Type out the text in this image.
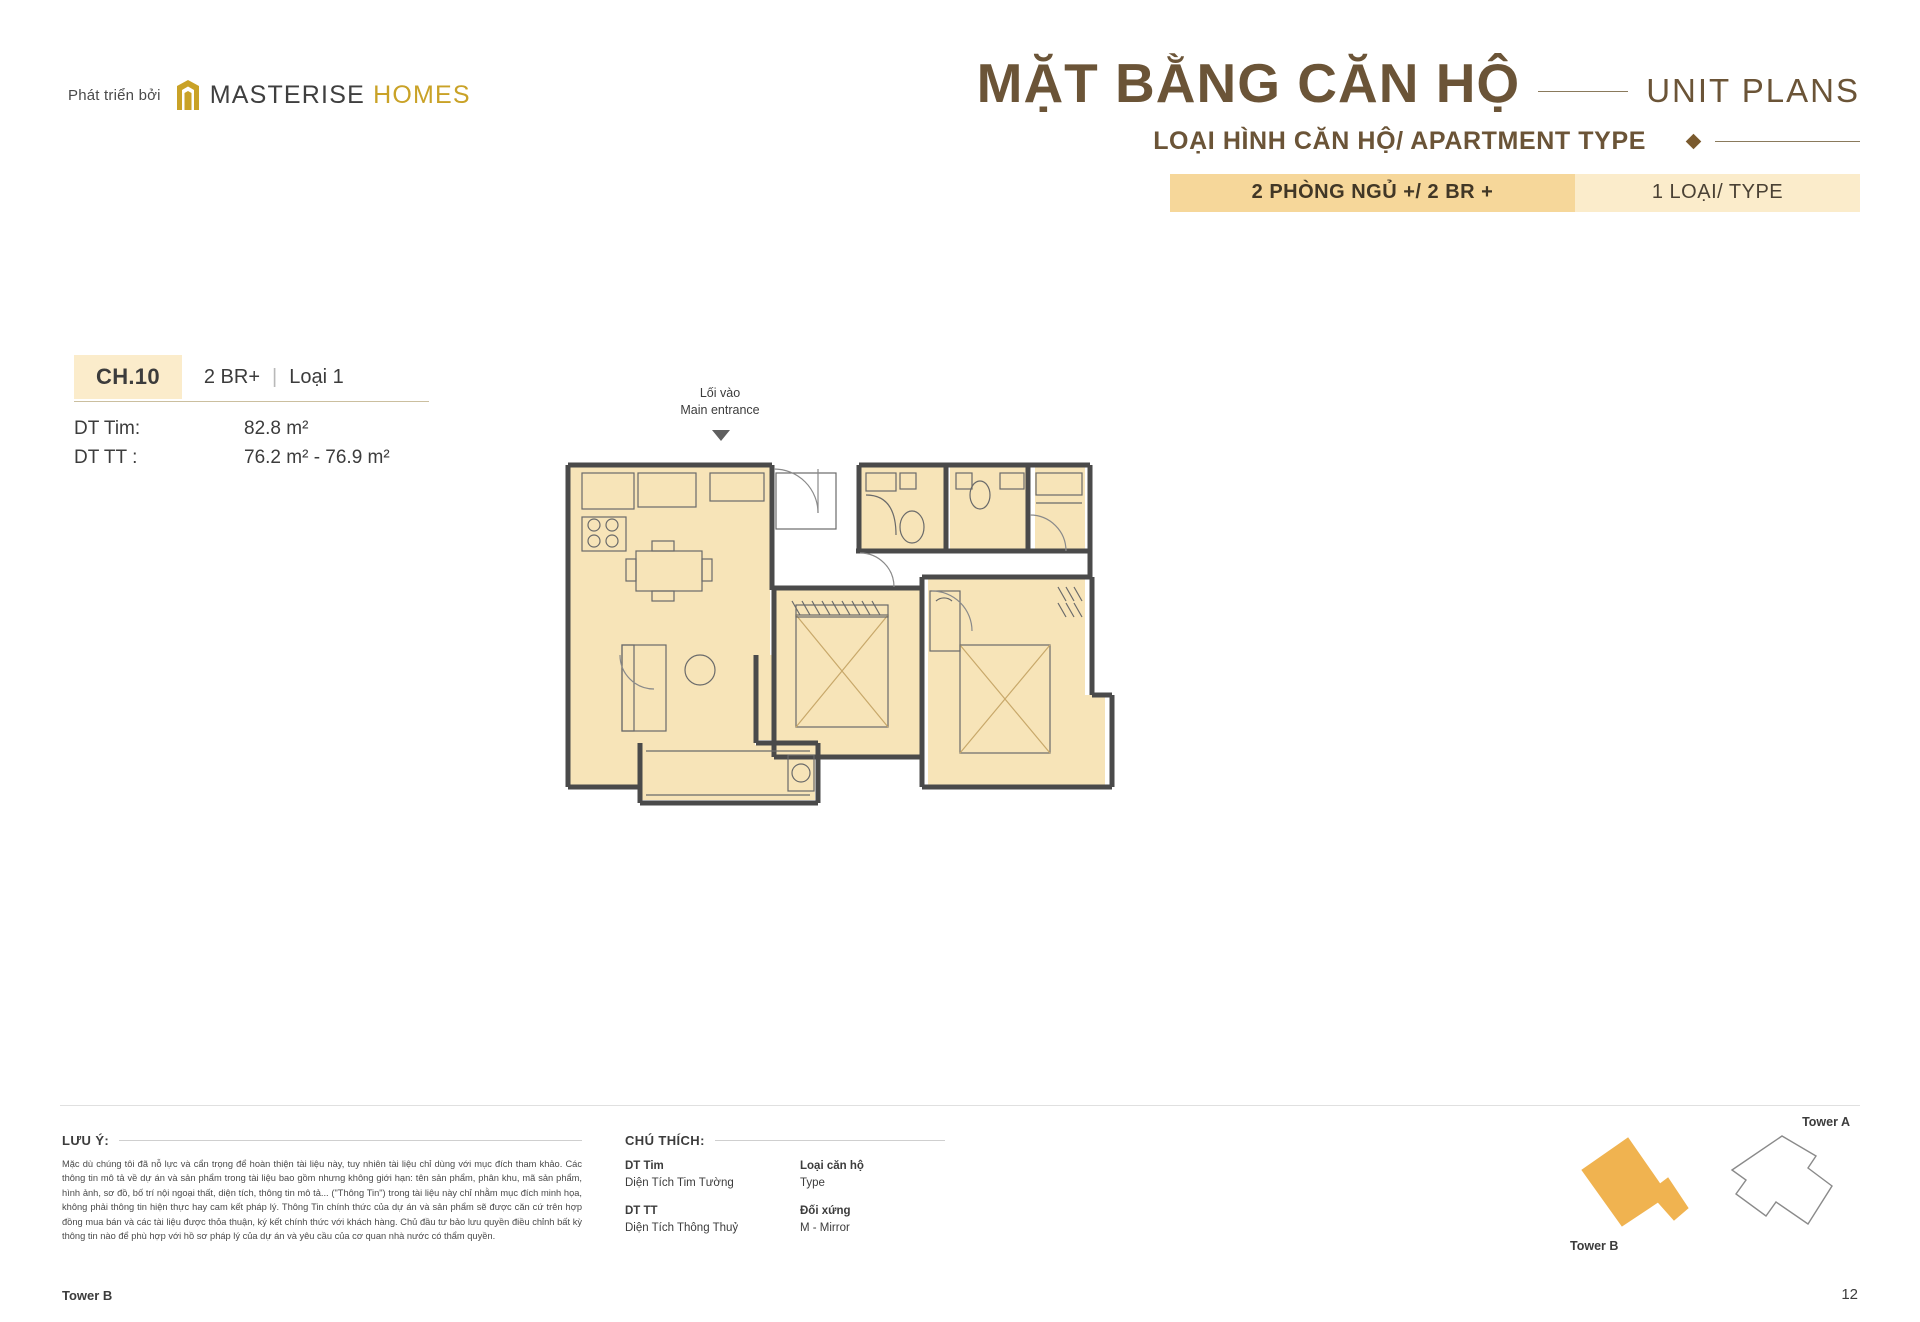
Phát triển bởi MASTERISE HOMES	MẶT BẰNG CĂN HỘ	UNIT PLANS
LOẠI HÌNH CĂN HỘ/ APARTMENT TYPE
2 PHÒNG NGỦ +/ 2 BR +	1 LOẠI/ TYPE
CH.10	2 BR+ | Loại 1
DT Tim:	82.8 m²
DT TT :	76.2 m² - 76.9 m²
Lối vào
Main entrance
LƯU Ý:
Mặc dù chúng tôi đã nỗ lực và cẩn trọng để hoàn thiện tài liệu này, tuy nhiên tài liệu chỉ dùng với mục đích tham khảo. Các thông tin mô tả về dự án và sản phẩm trong tài liệu bao gồm nhưng không giới hạn: tên sản phẩm, phân khu, mã sản phẩm, hình ảnh, sơ đồ, bố trí nội ngoại thất, diện tích, thông tin mô tả... ("Thông Tin") trong tài liệu này chỉ nhằm mục đích minh họa, không phải thông tin hiện thực hay cam kết pháp lý. Thông Tin chính thức của dự án và sản phẩm sẽ được căn cứ trên hợp đồng mua bán và các tài liệu được thỏa thuận, ký kết chính thức với khách hàng. Chủ đầu tư bảo lưu quyền điều chỉnh bất kỳ thông tin nào để phù hợp với hồ sơ pháp lý của dự án và yêu cầu của cơ quan nhà nước có thẩm quyền.
CHÚ THÍCH:
DT Tim
Diện Tích Tim Tường
Loại căn hộ
Type
DT TT
Diện Tích Thông Thuỷ
Đối xứng
M - Mirror
Tower A
Tower B
Tower B	12
